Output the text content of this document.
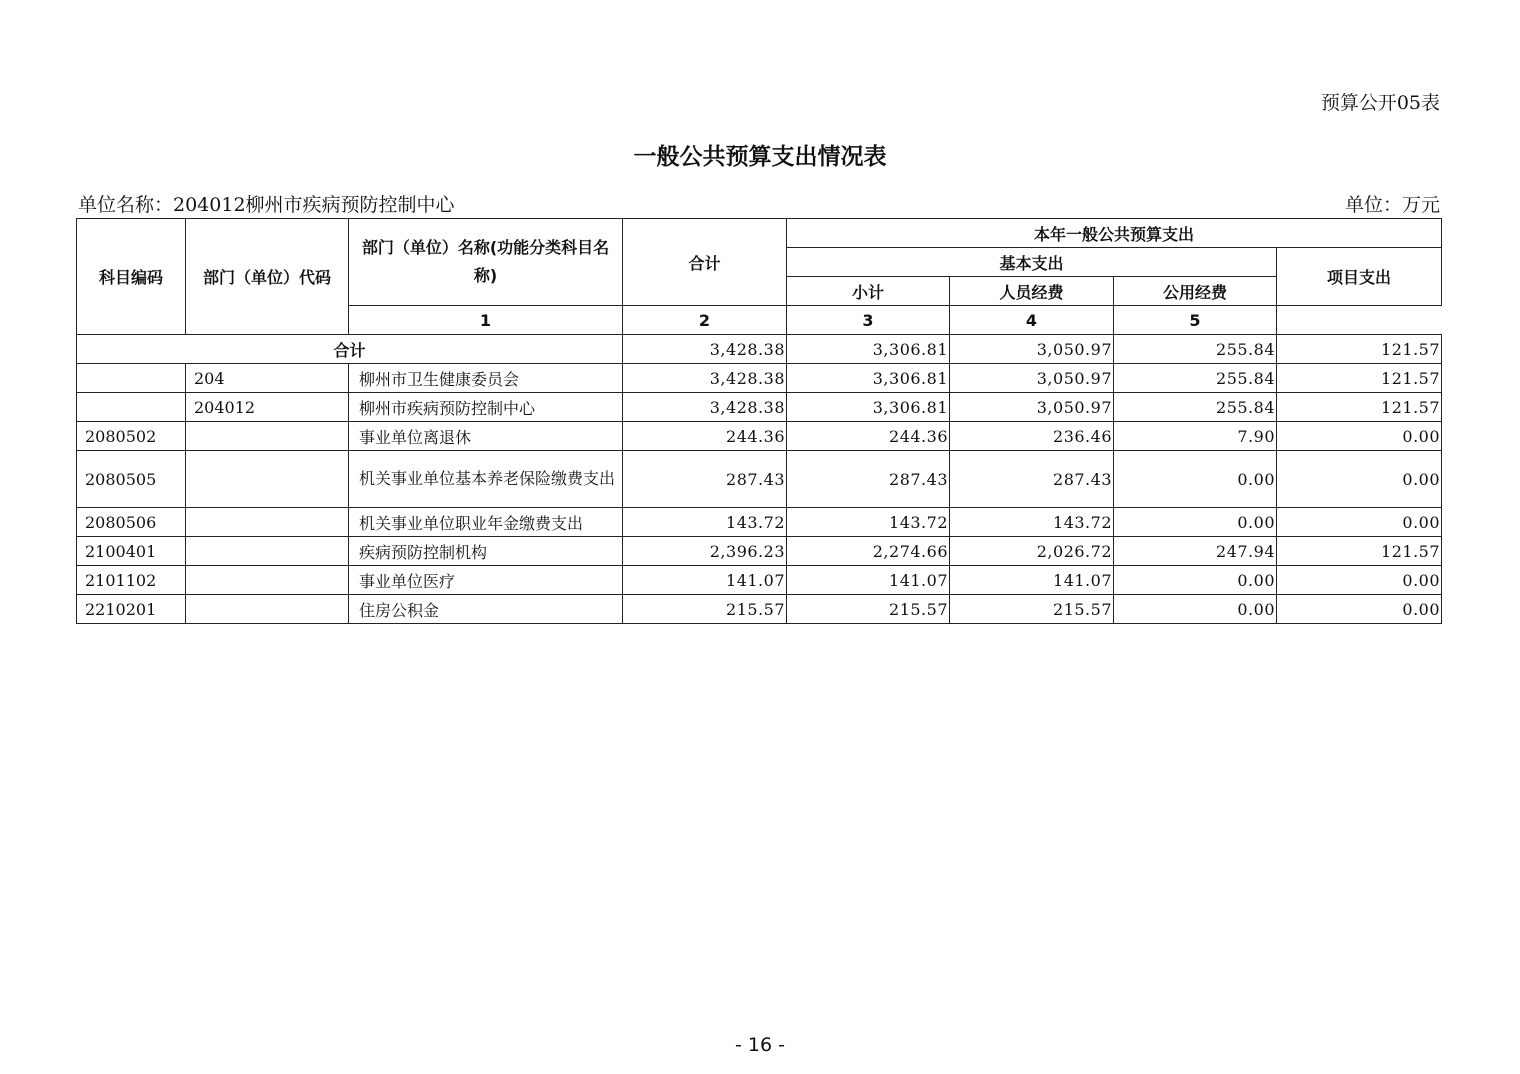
预算公开05表
一般公共预算支出情况表
单位名称：204012柳州市疾病预防控制中心	单位：万元
科目编码	部门（单位）代码	部门（单位）名称(功能分类科目名称)	合计	本年一般公共预算支出			
				基本支出			项目支出
				小计	人员经费	公用经费	
		1	2	3	4	5	
合计			3,428.38	3,306.81	3,050.97	255.84	121.57
	204	柳州市卫生健康委员会	3,428.38	3,306.81	3,050.97	255.84	121.57
	204012	柳州市疾病预防控制中心	3,428.38	3,306.81	3,050.97	255.84	121.57
2080502		事业单位离退休	244.36	244.36	236.46	7.90	0.00
2080505		机关事业单位基本养老保险缴费支出	287.43	287.43	287.43	0.00	0.00
2080506		机关事业单位职业年金缴费支出	143.72	143.72	143.72	0.00	0.00
2100401		疾病预防控制机构	2,396.23	2,274.66	2,026.72	247.94	121.57
2101102		事业单位医疗	141.07	141.07	141.07	0.00	0.00
2210201		住房公积金	215.57	215.57	215.57	0.00	0.00
- 16 -
